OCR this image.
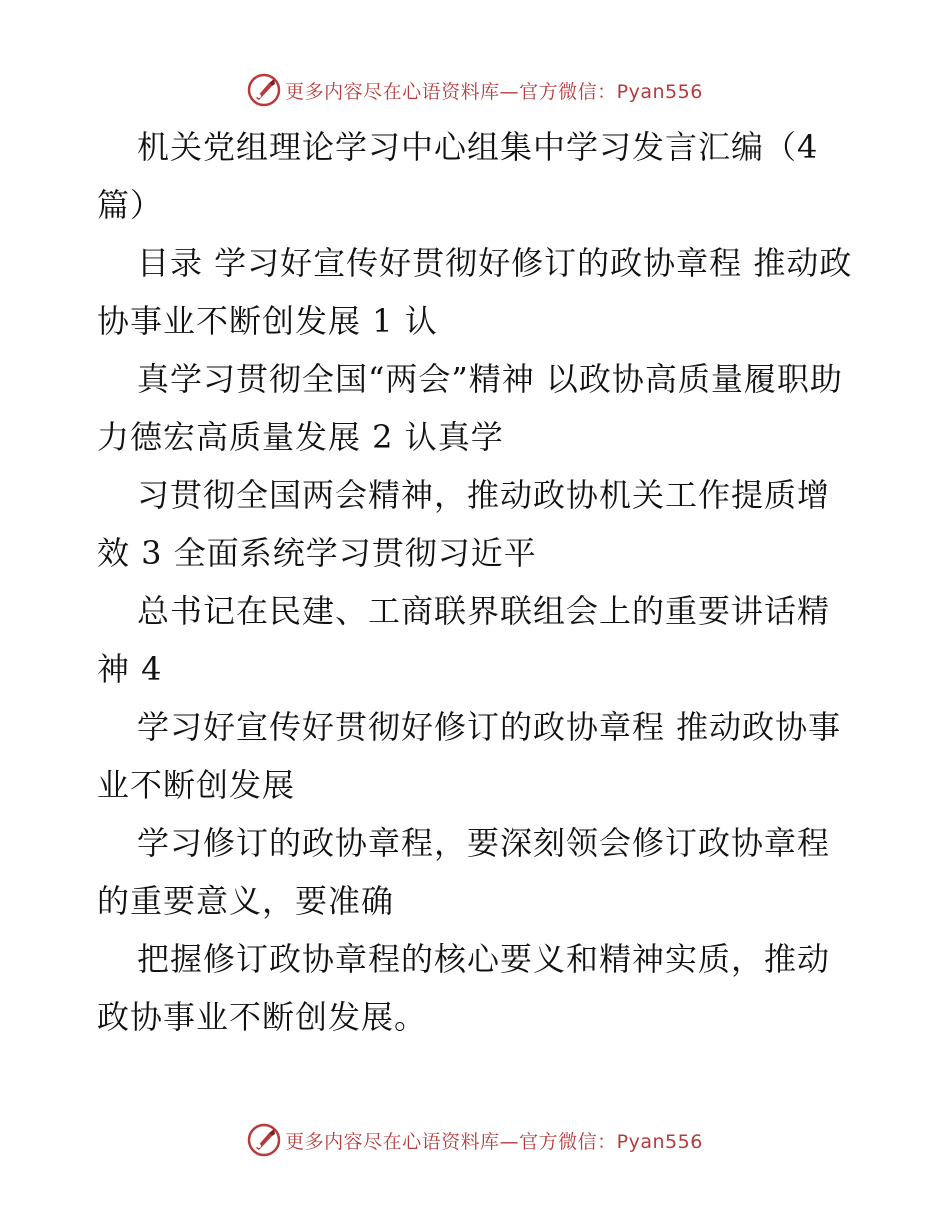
更多内容尽在心语资料库—官方微信：Pyan556

机关党组理论学习中心组集中学习发言汇编（4篇）

目录 学习好宣传好贯彻好修订的政协章程 推动政协事业不断创发展 1 认

真学习贯彻全国“两会”精神 以政协高质量履职助力德宏高质量发展 2 认真学

习贯彻全国两会精神，推动政协机关工作提质增效 3 全面系统学习贯彻习近平

总书记在民建、工商联界联组会上的重要讲话精神 4

学习好宣传好贯彻好修订的政协章程 推动政协事业不断创发展

学习修订的政协章程，要深刻领会修订政协章程的重要意义，要准确

把握修订政协章程的核心要义和精神实质，推动政协事业不断创发展。

更多内容尽在心语资料库—官方微信：Pyan556
